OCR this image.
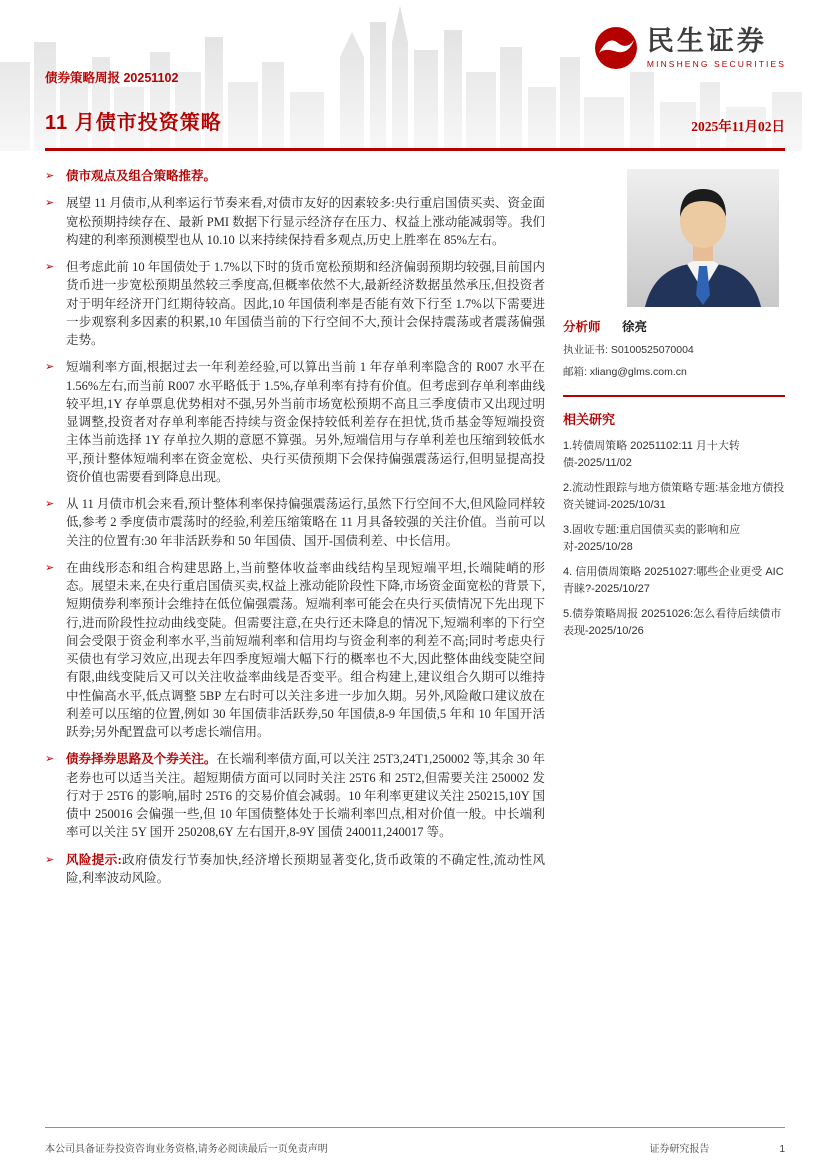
民生证券
MINSHENG SECURITIES
债券策略周报 20251102
11 月债市投资策略	2025年11月02日
➢ 债市观点及组合策略推荐。

➢ 展望 11 月债市,从利率运行节奏来看,对债市友好的因素较多:央行重启国债买卖、资金面宽松预期持续存在、最新 PMI 数据下行显示经济存在压力、权益上涨动能减弱等。我们构建的利率预测模型也从 10.10 以来持续保持看多观点,历史上胜率在 85%左右。

➢ 但考虑此前 10 年国债处于 1.7%以下时的货币宽松预期和经济偏弱预期均较强,目前国内货币进一步宽松预期虽然较三季度高,但概率依然不大,最新经济数据虽然承压,但投资者对于明年经济开门红期待较高。因此,10 年国债利率是否能有效下行至 1.7%以下需要进一步观察利多因素的积累,10 年国债当前的下行空间不大,预计会保持震荡或者震荡偏强走势。

➢ 短端利率方面,根据过去一年利差经验,可以算出当前 1 年存单利率隐含的 R007 水平在 1.56%左右,而当前 R007 水平略低于 1.5%,存单利率有持有价值。但考虑到存单利率曲线较平坦,1Y 存单票息优势相对不强,另外当前市场宽松预期不高且三季度债市又出现过明显调整,投资者对存单利率能否持续与资金保持较低利差存在担忧,货币基金等短端投资主体当前选择 1Y 存单拉久期的意愿不算强。另外,短端信用与存单利差也压缩到较低水平,预计整体短端利率在资金宽松、央行买债预期下会保持偏强震荡运行,但明显提高投资价值也需要看到降息出现。

➢ 从 11 月债市机会来看,预计整体利率保持偏强震荡运行,虽然下行空间不大,但风险同样较低,参考 2 季度债市震荡时的经验,利差压缩策略在 11 月具备较强的关注价值。当前可以关注的位置有:30 年非活跃券和 50 年国债、国开-国债利差、中长信用。

➢ 在曲线形态和组合构建思路上,当前整体收益率曲线结构呈现短端平坦,长端陡峭的形态。展望未来,在央行重启国债买卖,权益上涨动能阶段性下降,市场资金面宽松的背景下,短期债券利率预计会维持在低位偏强震荡。短端利率可能会在央行买债情况下先出现下行,进而阶段性拉动曲线变陡。但需要注意,在央行还未降息的情况下,短端利率的下行空间会受限于资金利率水平,当前短端利率和信用均与资金利率的利差不高;同时考虑央行买债也有学习效应,出现去年四季度短端大幅下行的概率也不大,因此整体曲线变陡空间有限,曲线变陡后又可以关注收益率曲线是否变平。组合构建上,建议组合久期可以维持中性偏高水平,低点调整 5BP 左右时可以关注多进一步加久期。另外,风险敞口建议放在利差可以压缩的位置,例如 30 年国债非活跃券,50 年国债,8-9 年国债,5 年和 10 年国开活跃券;另外配置盘可以考虑长端信用。

➢ 债券择券思路及个券关注。在长端利率债方面,可以关注 25T3,24T1,250002 等,其余 30 年老券也可以适当关注。超短期债方面可以同时关注 25T6 和 25T2,但需要关注 250002 发行对于 25T6 的影响,届时 25T6 的交易价值会减弱。10 年利率更建议关注 250215,10Y 国债中 250016 会偏强一些,但 10 年国债整体处于长端利率凹点,相对价值一般。中长端利率可以关注 5Y 国开 250208,6Y 左右国开,8-9Y 国债 240011,240017 等。

➢ 风险提示:政府债发行节奏加快,经济增长预期显著变化,货币政策的不确定性,流动性风险,利率波动风险。

分析师 徐亮
执业证书: S0100525070004
邮箱: xliang@glms.com.cn
相关研究
1.转债周策略 20251102:11 月十大转债-2025/11/02
2.流动性跟踪与地方债策略专题:基金地方债投资关键词-2025/10/31
3.固收专题:重启国债买卖的影响和应对-2025/10/28
4. 信用债周策略 20251027:哪些企业更受 AIC 青睐?-2025/10/27
5.债券策略周报 20251026:怎么看待后续债市表现-2025/10/26
本公司具备证券投资咨询业务资格,请务必阅读最后一页免责声明	证券研究报告	1
